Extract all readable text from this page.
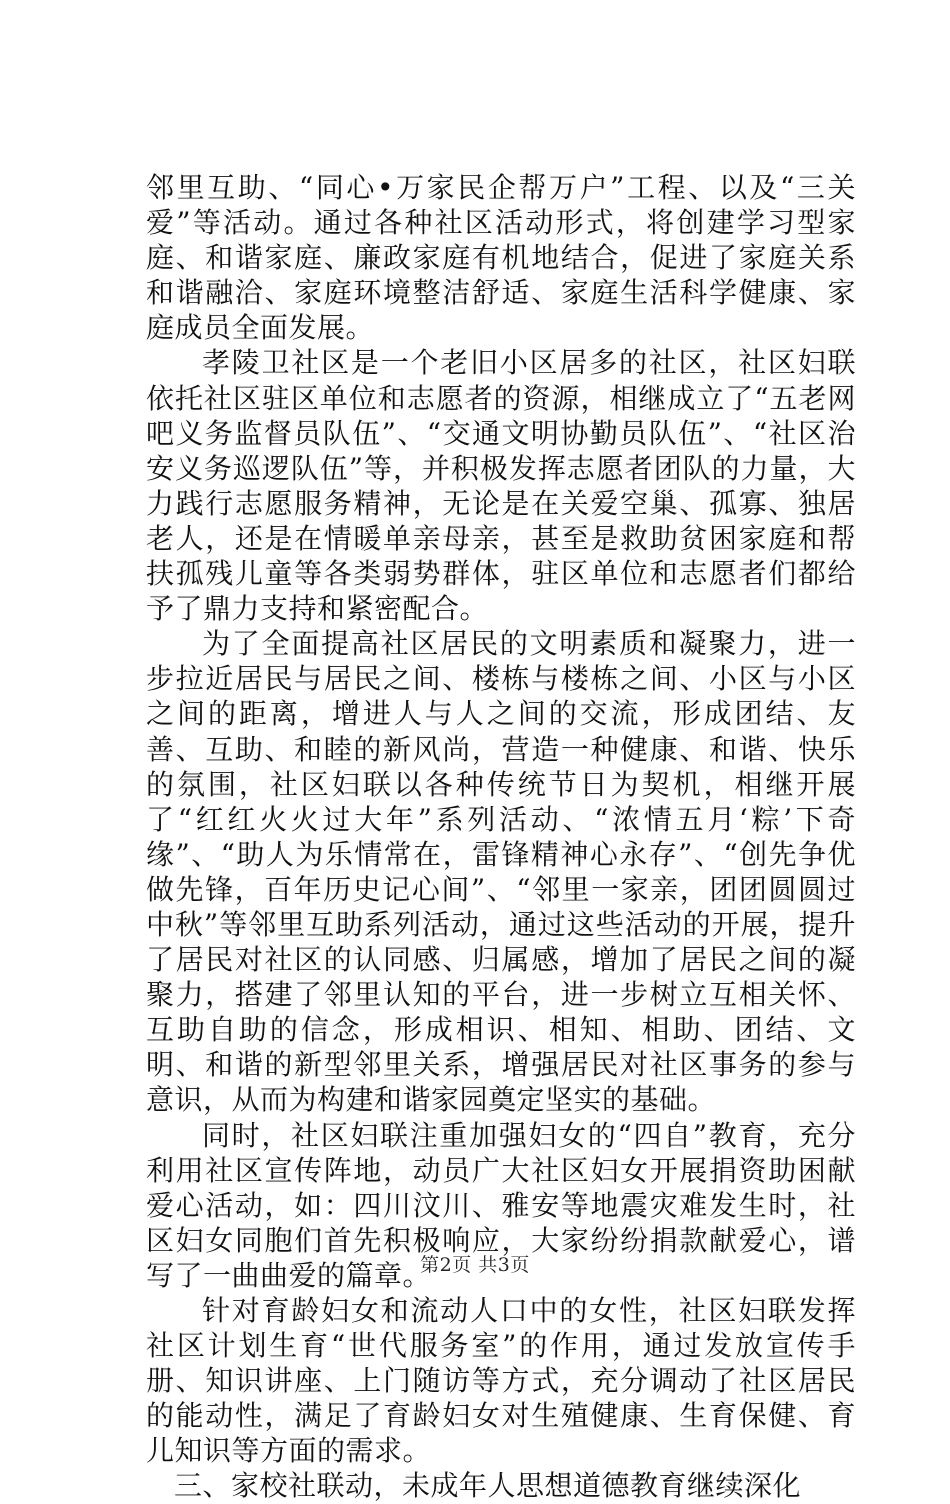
邻里互助、“同心•万家民企帮万户”工程、以及“三关爱”等活动。通过各种社区活动形式，将创建学习型家庭、和谐家庭、廉政家庭有机地结合，促进了家庭关系和谐融洽、家庭环境整洁舒适、家庭生活科学健康、家庭成员全面发展。

孝陵卫社区是一个老旧小区居多的社区，社区妇联依托社区驻区单位和志愿者的资源，相继成立了“五老网吧义务监督员队伍”、“交通文明协勤员队伍”、“社区治安义务巡逻队伍”等，并积极发挥志愿者团队的力量，大力践行志愿服务精神，无论是在关爱空巢、孤寡、独居老人，还是在情暖单亲母亲，甚至是救助贫困家庭和帮扶孤残儿童等各类弱势群体，驻区单位和志愿者们都给予了鼎力支持和紧密配合。

为了全面提高社区居民的文明素质和凝聚力，进一步拉近居民与居民之间、楼栋与楼栋之间、小区与小区之间的距离，增进人与人之间的交流，形成团结、友善、互助、和睦的新风尚，营造一种健康、和谐、快乐的氛围，社区妇联以各种传统节日为契机，相继开展了“红红火火过大年”系列活动、“浓情五月‘粽’下奇缘”、“助人为乐情常在，雷锋精神心永存”、“创先争优做先锋，百年历史记心间”、“邻里一家亲，团团圆圆过中秋”等邻里互助系列活动，通过这些活动的开展，提升了居民对社区的认同感、归属感，增加了居民之间的凝聚力，搭建了邻里认知的平台，进一步树立互相关怀、互助自助的信念，形成相识、相知、相助、团结、文明、和谐的新型邻里关系，增强居民对社区事务的参与意识，从而为构建和谐家园奠定坚实的基础。

同时，社区妇联注重加强妇女的“四自”教育，充分利用社区宣传阵地，动员广大社区妇女开展捐资助困献爱心活动，如：四川汶川、雅安等地震灾难发生时，社区妇女同胞们首先积极响应，大家纷纷捐款献爱心，谱写了一曲曲爱的篇章。

针对育龄妇女和流动人口中的女性，社区妇联发挥社区计划生育“世代服务室”的作用，通过发放宣传手册、知识讲座、上门随访等方式，充分调动了社区居民的能动性，满足了育龄妇女对生殖健康、生育保健、育儿知识等方面的需求。

三、家校社联动，未成年人思想道德教育继续深化

第2页 共3页
